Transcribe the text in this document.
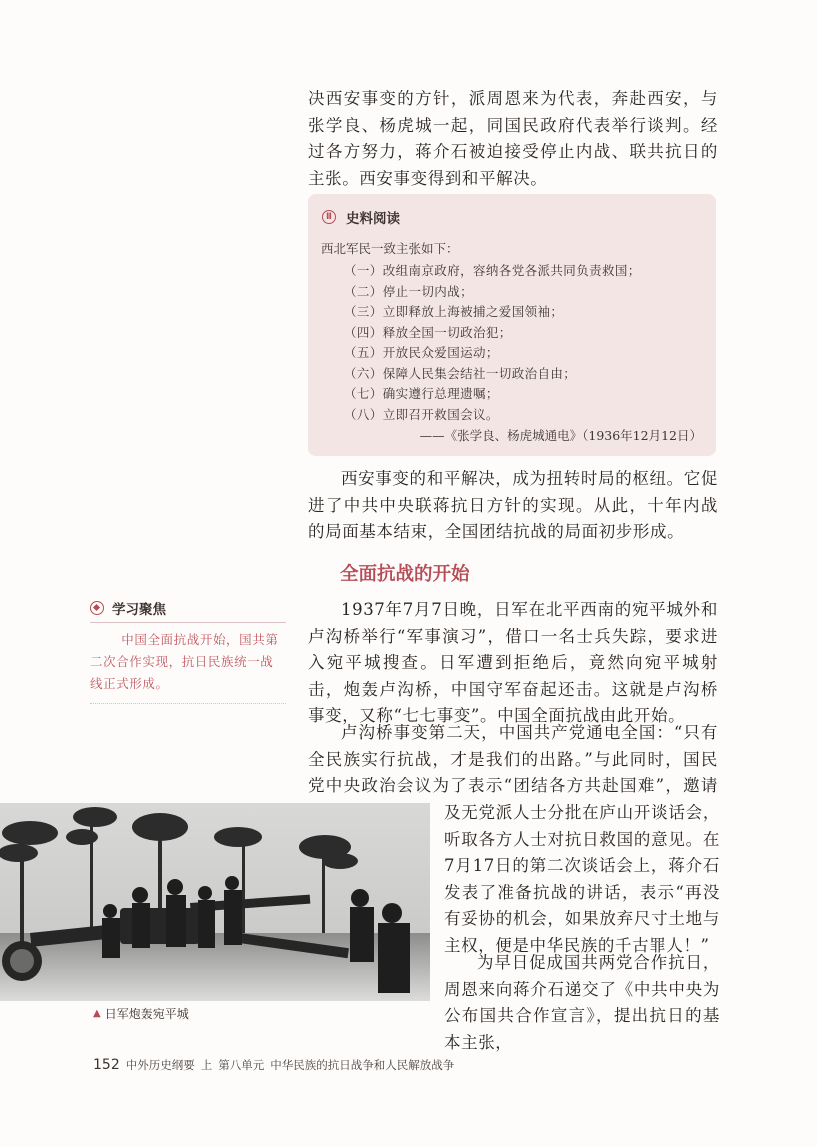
决西安事变的方针，派周恩来为代表，奔赴西安，与张学良、杨虎城一起，同国民政府代表举行谈判。经过各方努力，蒋介石被迫接受停止内战、联共抗日的主张。西安事变得到和平解决。

Ⅱ 史料阅读
西北军民一致主张如下：
（一）改组南京政府，容纳各党各派共同负责救国；
（二）停止一切内战；
（三）立即释放上海被捕之爱国领袖；
（四）释放全国一切政治犯；
（五）开放民众爱国运动；
（六）保障人民集会结社一切政治自由；
（七）确实遵行总理遗嘱；
（八）立即召开救国会议。
——《张学良、杨虎城通电》（1936年12月12日）

西安事变的和平解决，成为扭转时局的枢纽。它促进了中共中央联蒋抗日方针的实现。从此，十年内战的局面基本结束，全国团结抗战的局面初步形成。

全面抗战的开始
学习聚焦

中国全面抗战开始，国共第二次合作实现，抗日民族统一战线正式形成。

1937年7月7日晚，日军在北平西南的宛平城外和卢沟桥举行“军事演习”，借口一名士兵失踪，要求进入宛平城搜查。日军遭到拒绝后，竟然向宛平城射击，炮轰卢沟桥，中国守军奋起还击。这就是卢沟桥事变，又称“七七事变”。中国全面抗战由此开始。

卢沟桥事变第二天，中国共产党通电全国：“只有全民族实行抗战，才是我们的出路。”与此同时，国民党中央政治会议为了表示“团结各方共赴国难”，邀请

及无党派人士分批在庐山开谈话会，听取各方人士对抗日救国的意见。在7月17日的第二次谈话会上，蒋介石发表了准备抗战的讲话，表示“再没有妥协的机会，如果放弃尺寸土地与主权，便是中华民族的千古罪人！”

为早日促成国共两党合作抗日，周恩来向蒋介石递交了《中共中央为公布国共合作宣言》，提出抗日的基本主张，

▲ 日军炮轰宛平城
152 中外历史纲要 上 第八单元 中华民族的抗日战争和人民解放战争
